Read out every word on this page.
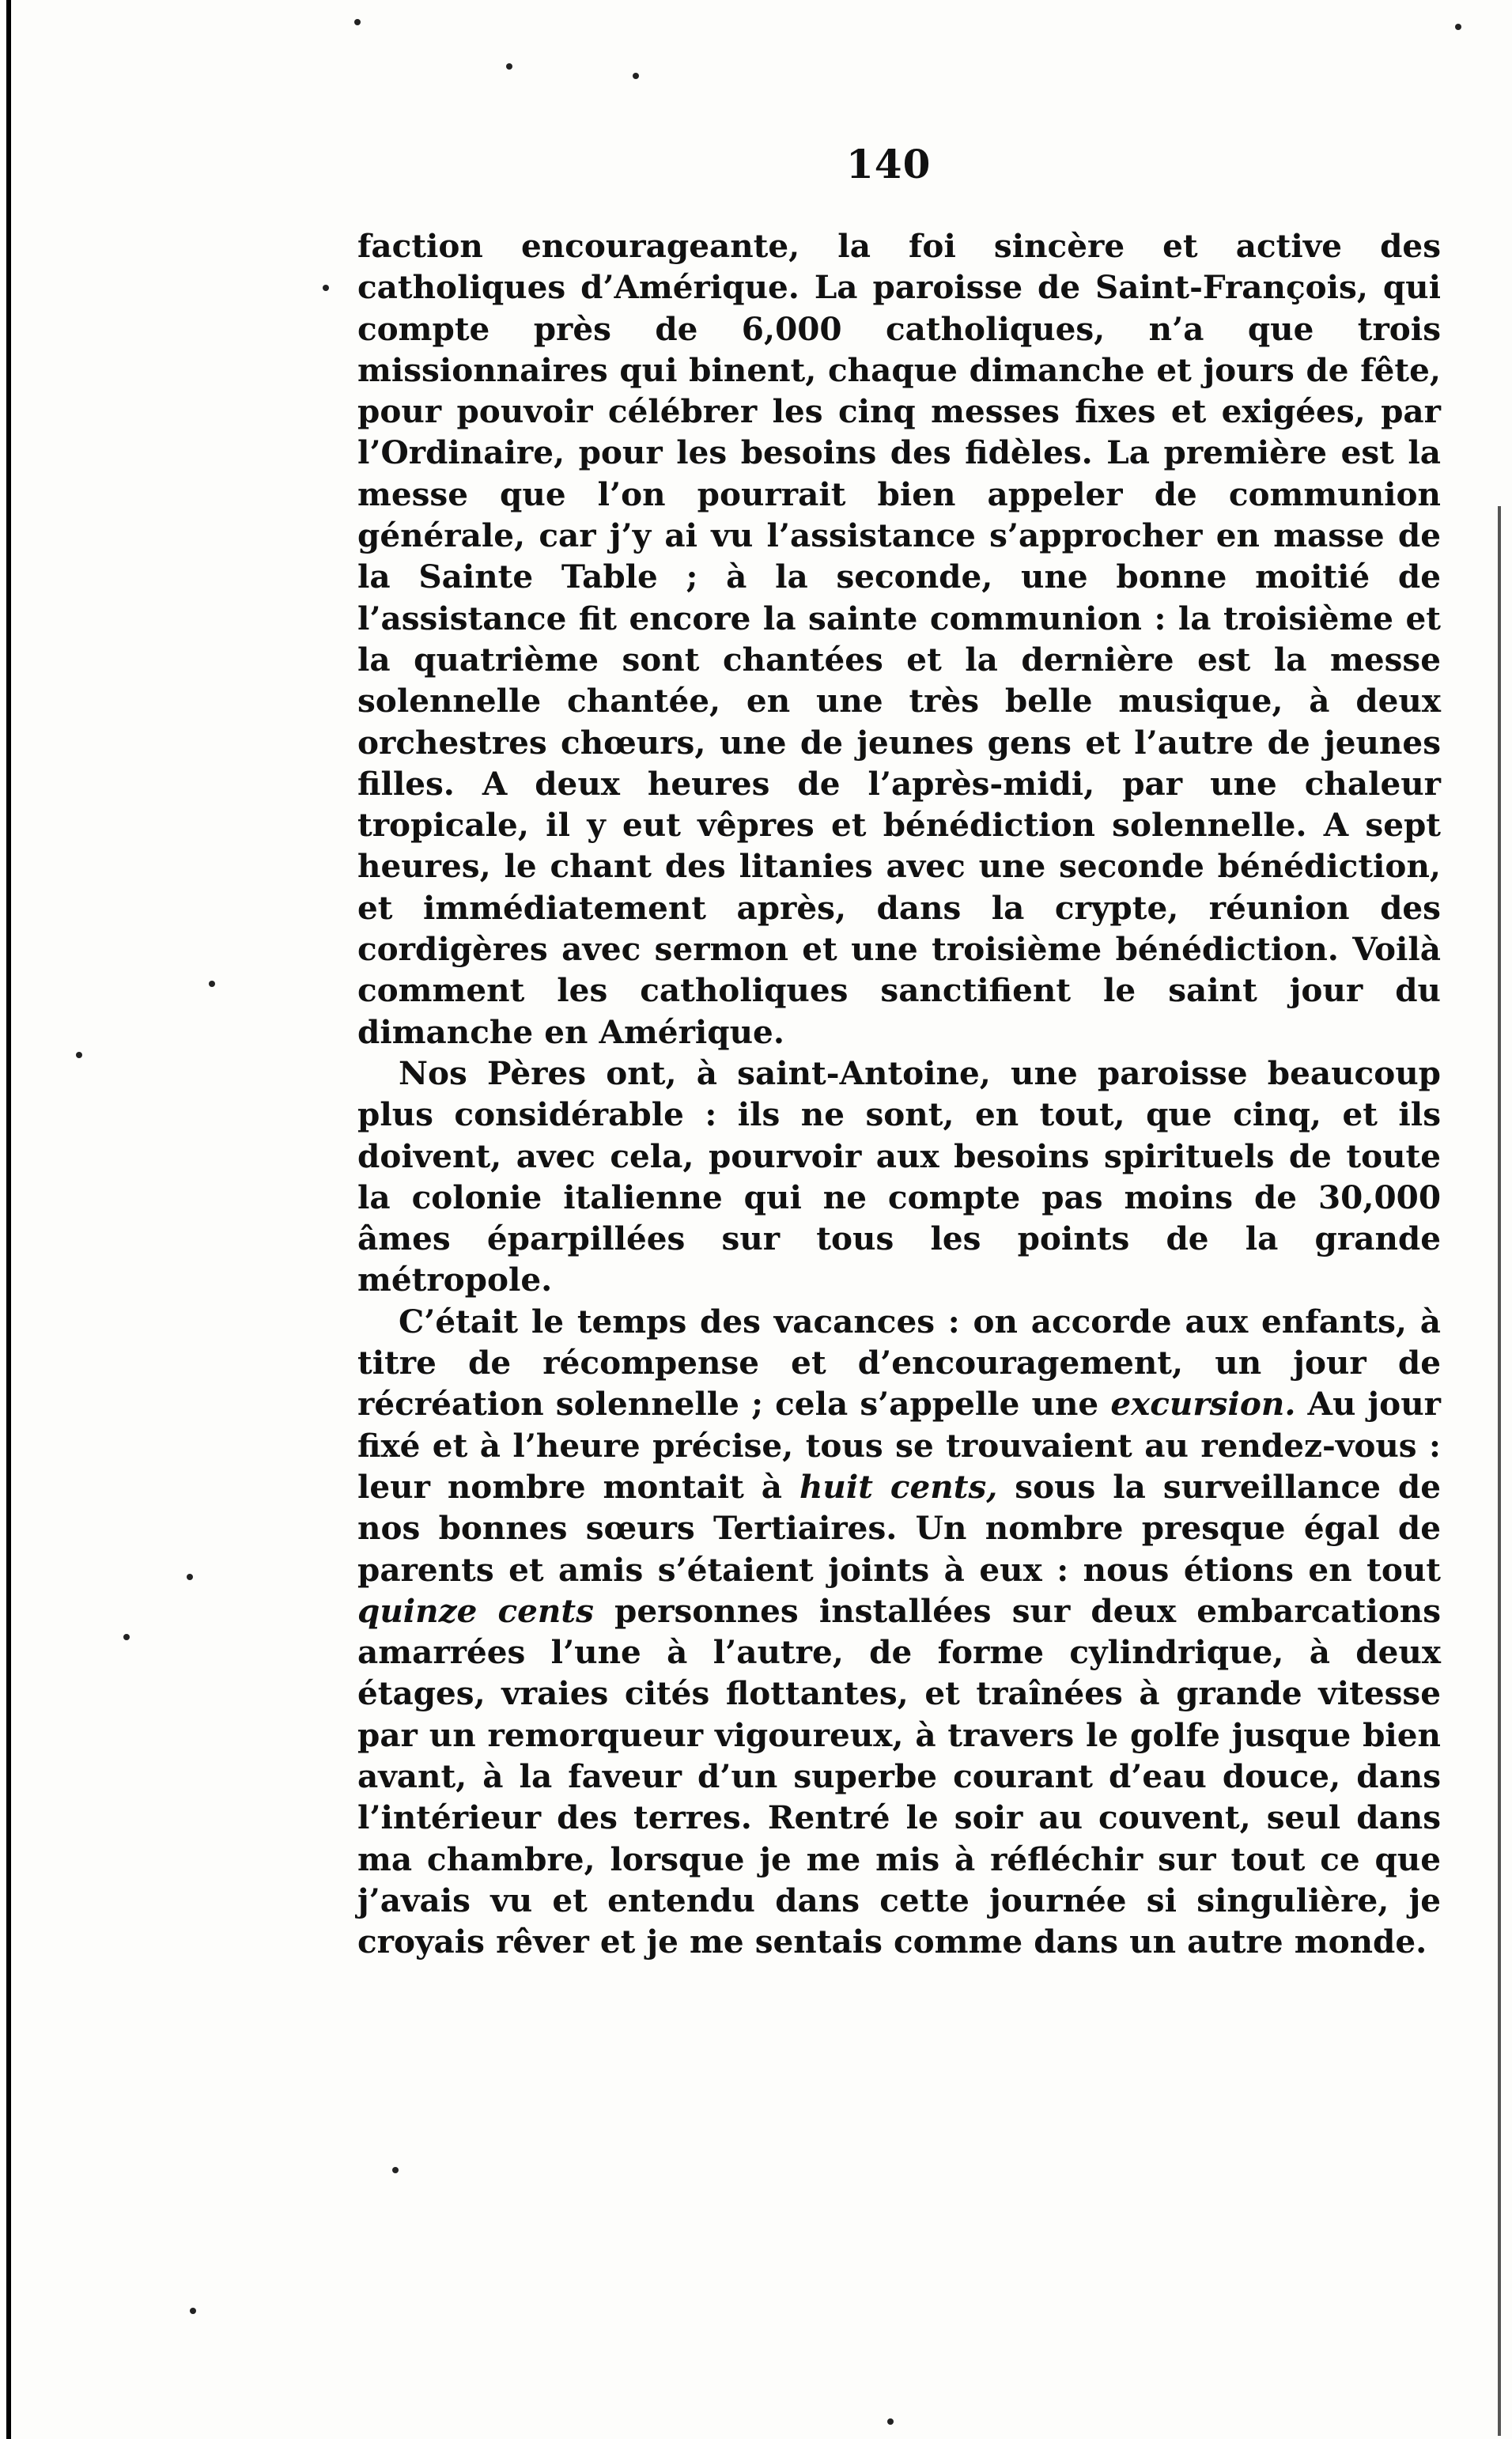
140

faction encourageante, la foi sincère et active des catholiques d’Amérique. La paroisse de Saint-François, qui compte près de 6,000 catholiques, n’a que trois missionnaires qui binent, chaque dimanche et jours de fête, pour pouvoir célébrer les cinq messes fixes et exigées, par l’Ordinaire, pour les besoins des fidèles. La première est la messe que l’on pourrait bien appeler de communion générale, car j’y ai vu l’assistance s’approcher en masse de la Sainte Table ; à la seconde, une bonne moitié de l’assistance fit encore la sainte communion : la troisième et la quatrième sont chantées et la dernière est la messe solennelle chantée, en une très belle musique, à deux orchestres chœurs, une de jeunes gens et l’autre de jeunes filles. A deux heures de l’après-midi, par une chaleur tropicale, il y eut vêpres et bénédiction solennelle. A sept heures, le chant des litanies avec une seconde bénédiction, et immédiatement après, dans la crypte, réunion des cordigères avec sermon et une troisième bénédiction. Voilà comment les catholiques sanctifient le saint jour du dimanche en Amérique.

Nos Pères ont, à saint-Antoine, une paroisse beaucoup plus considérable : ils ne sont, en tout, que cinq, et ils doivent, avec cela, pourvoir aux besoins spirituels de toute la colonie italienne qui ne compte pas moins de 30,000 âmes éparpillées sur tous les points de la grande métropole.

C’était le temps des vacances : on accorde aux enfants, à titre de récompense et d’encouragement, un jour de récréation solennelle ; cela s’appelle une excursion. Au jour fixé et à l’heure précise, tous se trouvaient au rendez-vous : leur nombre montait à huit cents, sous la surveillance de nos bonnes sœurs Tertiaires. Un nombre presque égal de parents et amis s’étaient joints à eux : nous étions en tout quinze cents personnes installées sur deux embarcations amarrées l’une à l’autre, de forme cylindrique, à deux étages, vraies cités flottantes, et traînées à grande vitesse par un remorqueur vigoureux, à travers le golfe jusque bien avant, à la faveur d’un superbe courant d’eau douce, dans l’intérieur des terres. Rentré le soir au couvent, seul dans ma chambre, lorsque je me mis à réfléchir sur tout ce que j’avais vu et entendu dans cette journée si singulière, je croyais rêver et je me sentais comme dans un autre monde.
